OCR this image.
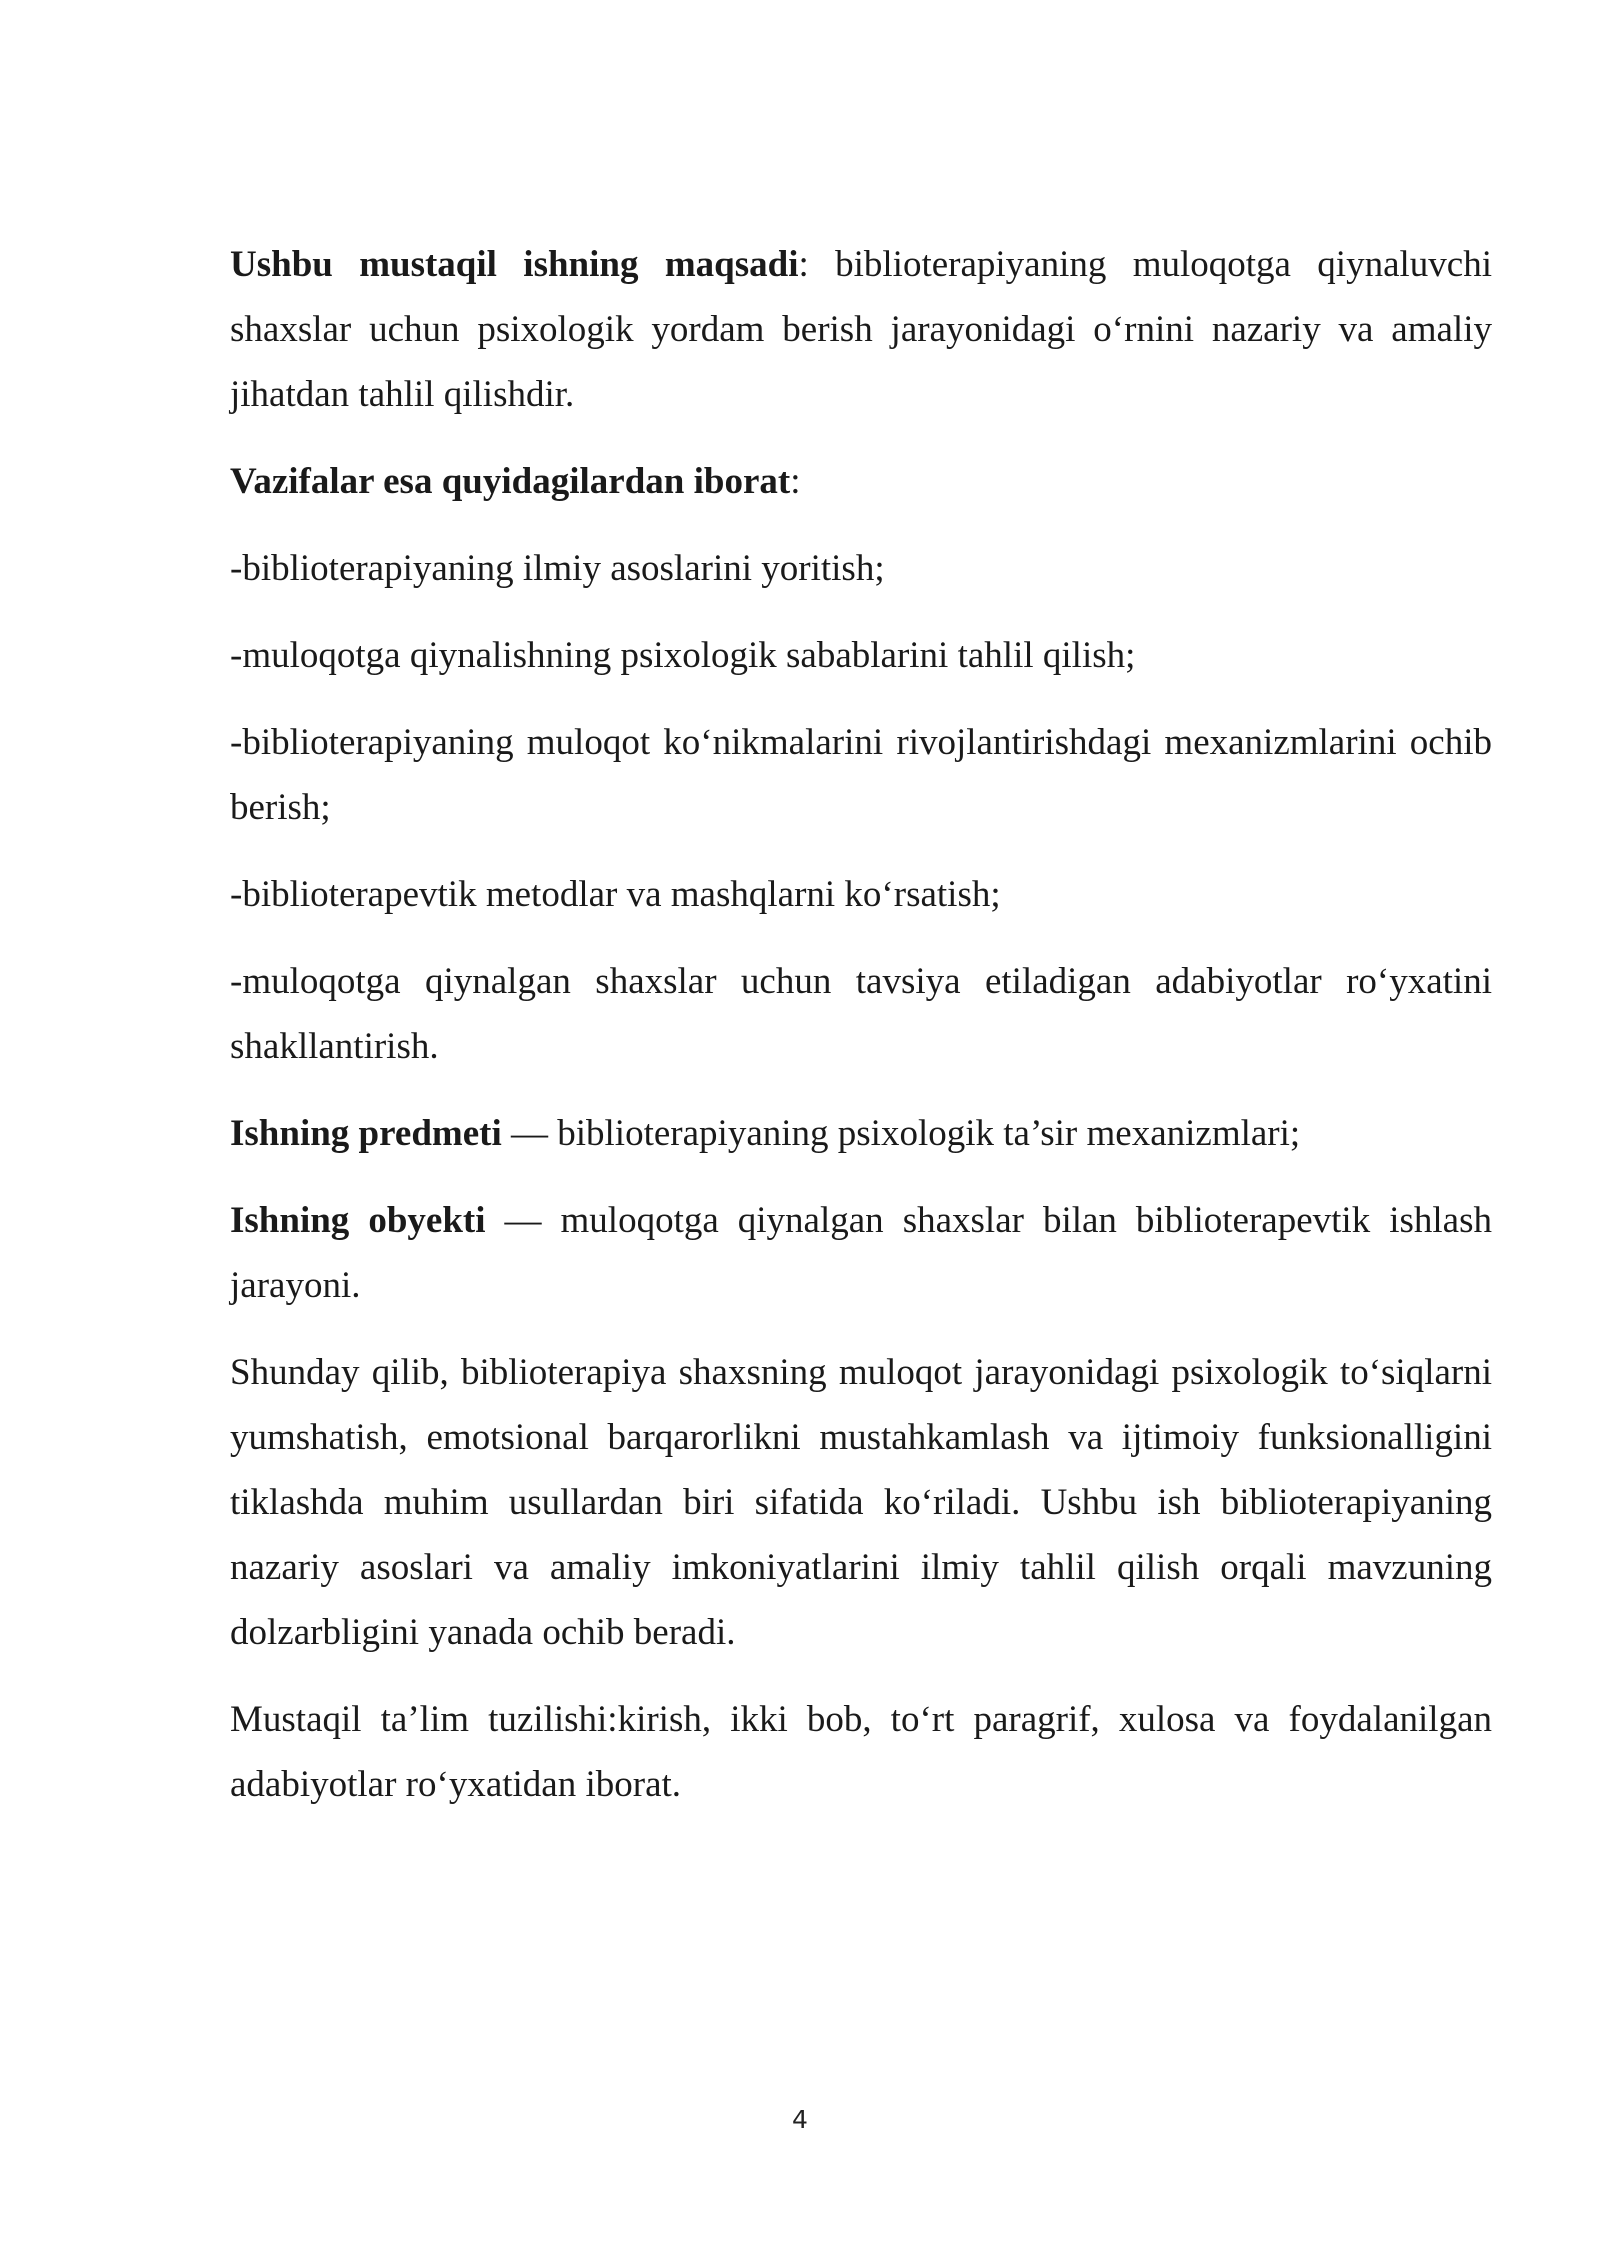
Ushbu mustaqil ishning maqsadi: biblioterapiyaning muloqotga qiynaluvchi shaxslar uchun psixologik yordam berish jarayonidagi o‘rnini nazariy va amaliy jihatdan tahlil qilishdir.

Vazifalar esa quyidagilardan iborat:

-biblioterapiyaning ilmiy asoslarini yoritish;

-muloqotga qiynalishning psixologik sabablarini tahlil qilish;

-biblioterapiyaning muloqot ko‘nikmalarini rivojlantirishdagi mexanizmlarini ochib berish;

-biblioterapevtik metodlar va mashqlarni ko‘rsatish;

-muloqotga qiynalgan shaxslar uchun tavsiya etiladigan adabiyotlar ro‘yxatini shakllantirish.

Ishning predmeti — biblioterapiyaning psixologik ta’sir mexanizmlari;

Ishning obyekti — muloqotga qiynalgan shaxslar bilan biblioterapevtik ishlash jarayoni.

Shunday qilib, biblioterapiya shaxsning muloqot jarayonidagi psixologik to‘siqlarni yumshatish, emotsional barqarorlikni mustahkamlash va ijtimoiy funksionalligini tiklashda muhim usullardan biri sifatida ko‘riladi. Ushbu ish biblioterapiyaning nazariy asoslari va amaliy imkoniyatlarini ilmiy tahlil qilish orqali mavzuning dolzarbligini yanada ochib beradi.

Mustaqil ta’lim tuzilishi:kirish, ikki bob, to‘rt paragrif, xulosa va foydalanilgan adabiyotlar ro‘yxatidan iborat.

4
